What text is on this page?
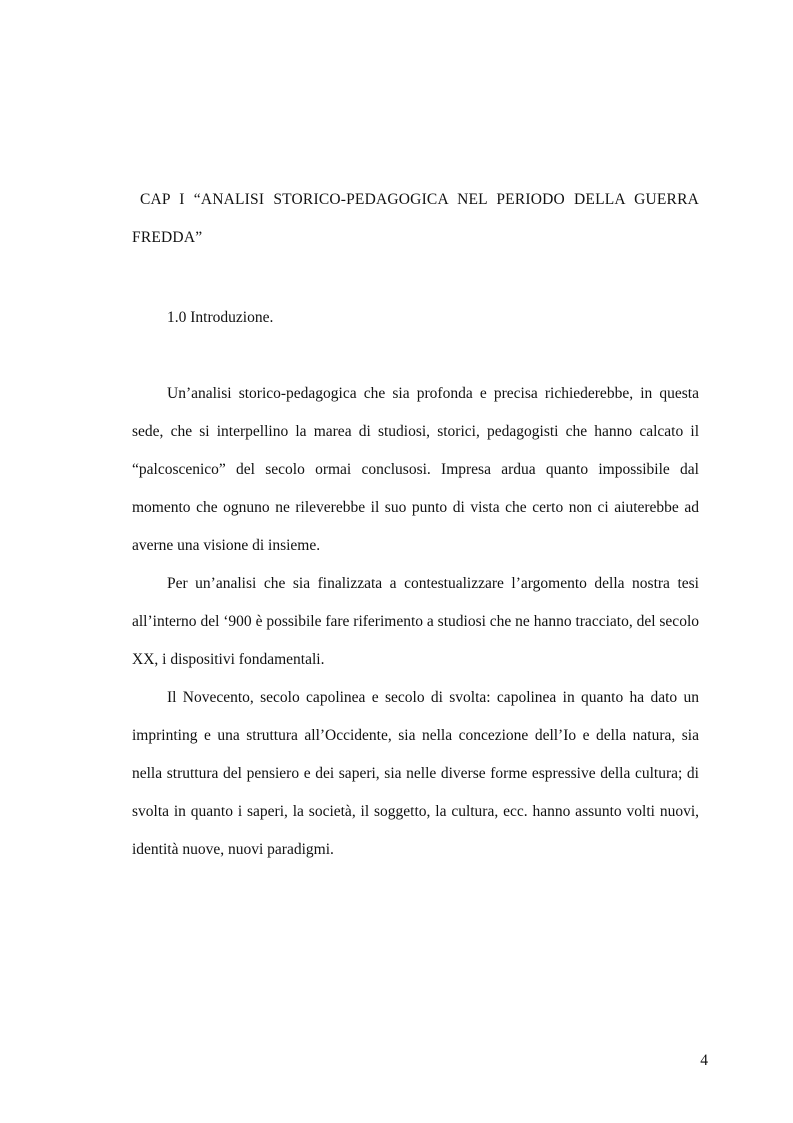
CAP I “ANALISI STORICO-PEDAGOGICA NEL PERIODO DELLA GUERRA FREDDA”
1.0 Introduzione.

Un’analisi storico-pedagogica che sia profonda e precisa richiederebbe, in questa sede, che si interpellino la marea di studiosi, storici, pedagogisti che hanno calcato il “palcoscenico” del secolo ormai conclusosi. Impresa ardua quanto impossibile dal momento che ognuno ne rileverebbe il suo punto di vista che certo non ci aiuterebbe ad averne una visione di insieme.

Per un’analisi che sia finalizzata a contestualizzare l’argomento della nostra tesi all’interno del ‘900 è possibile fare riferimento a studiosi che ne hanno tracciato, del secolo XX, i dispositivi fondamentali.

Il Novecento, secolo capolinea e secolo di svolta: capolinea in quanto ha dato un imprinting e una struttura all’Occidente, sia nella concezione dell’Io e della natura, sia nella struttura del pensiero e dei saperi, sia nelle diverse forme espressive della cultura; di svolta in quanto i saperi, la società, il soggetto, la cultura, ecc. hanno assunto volti nuovi, identità nuove, nuovi paradigmi.

4
